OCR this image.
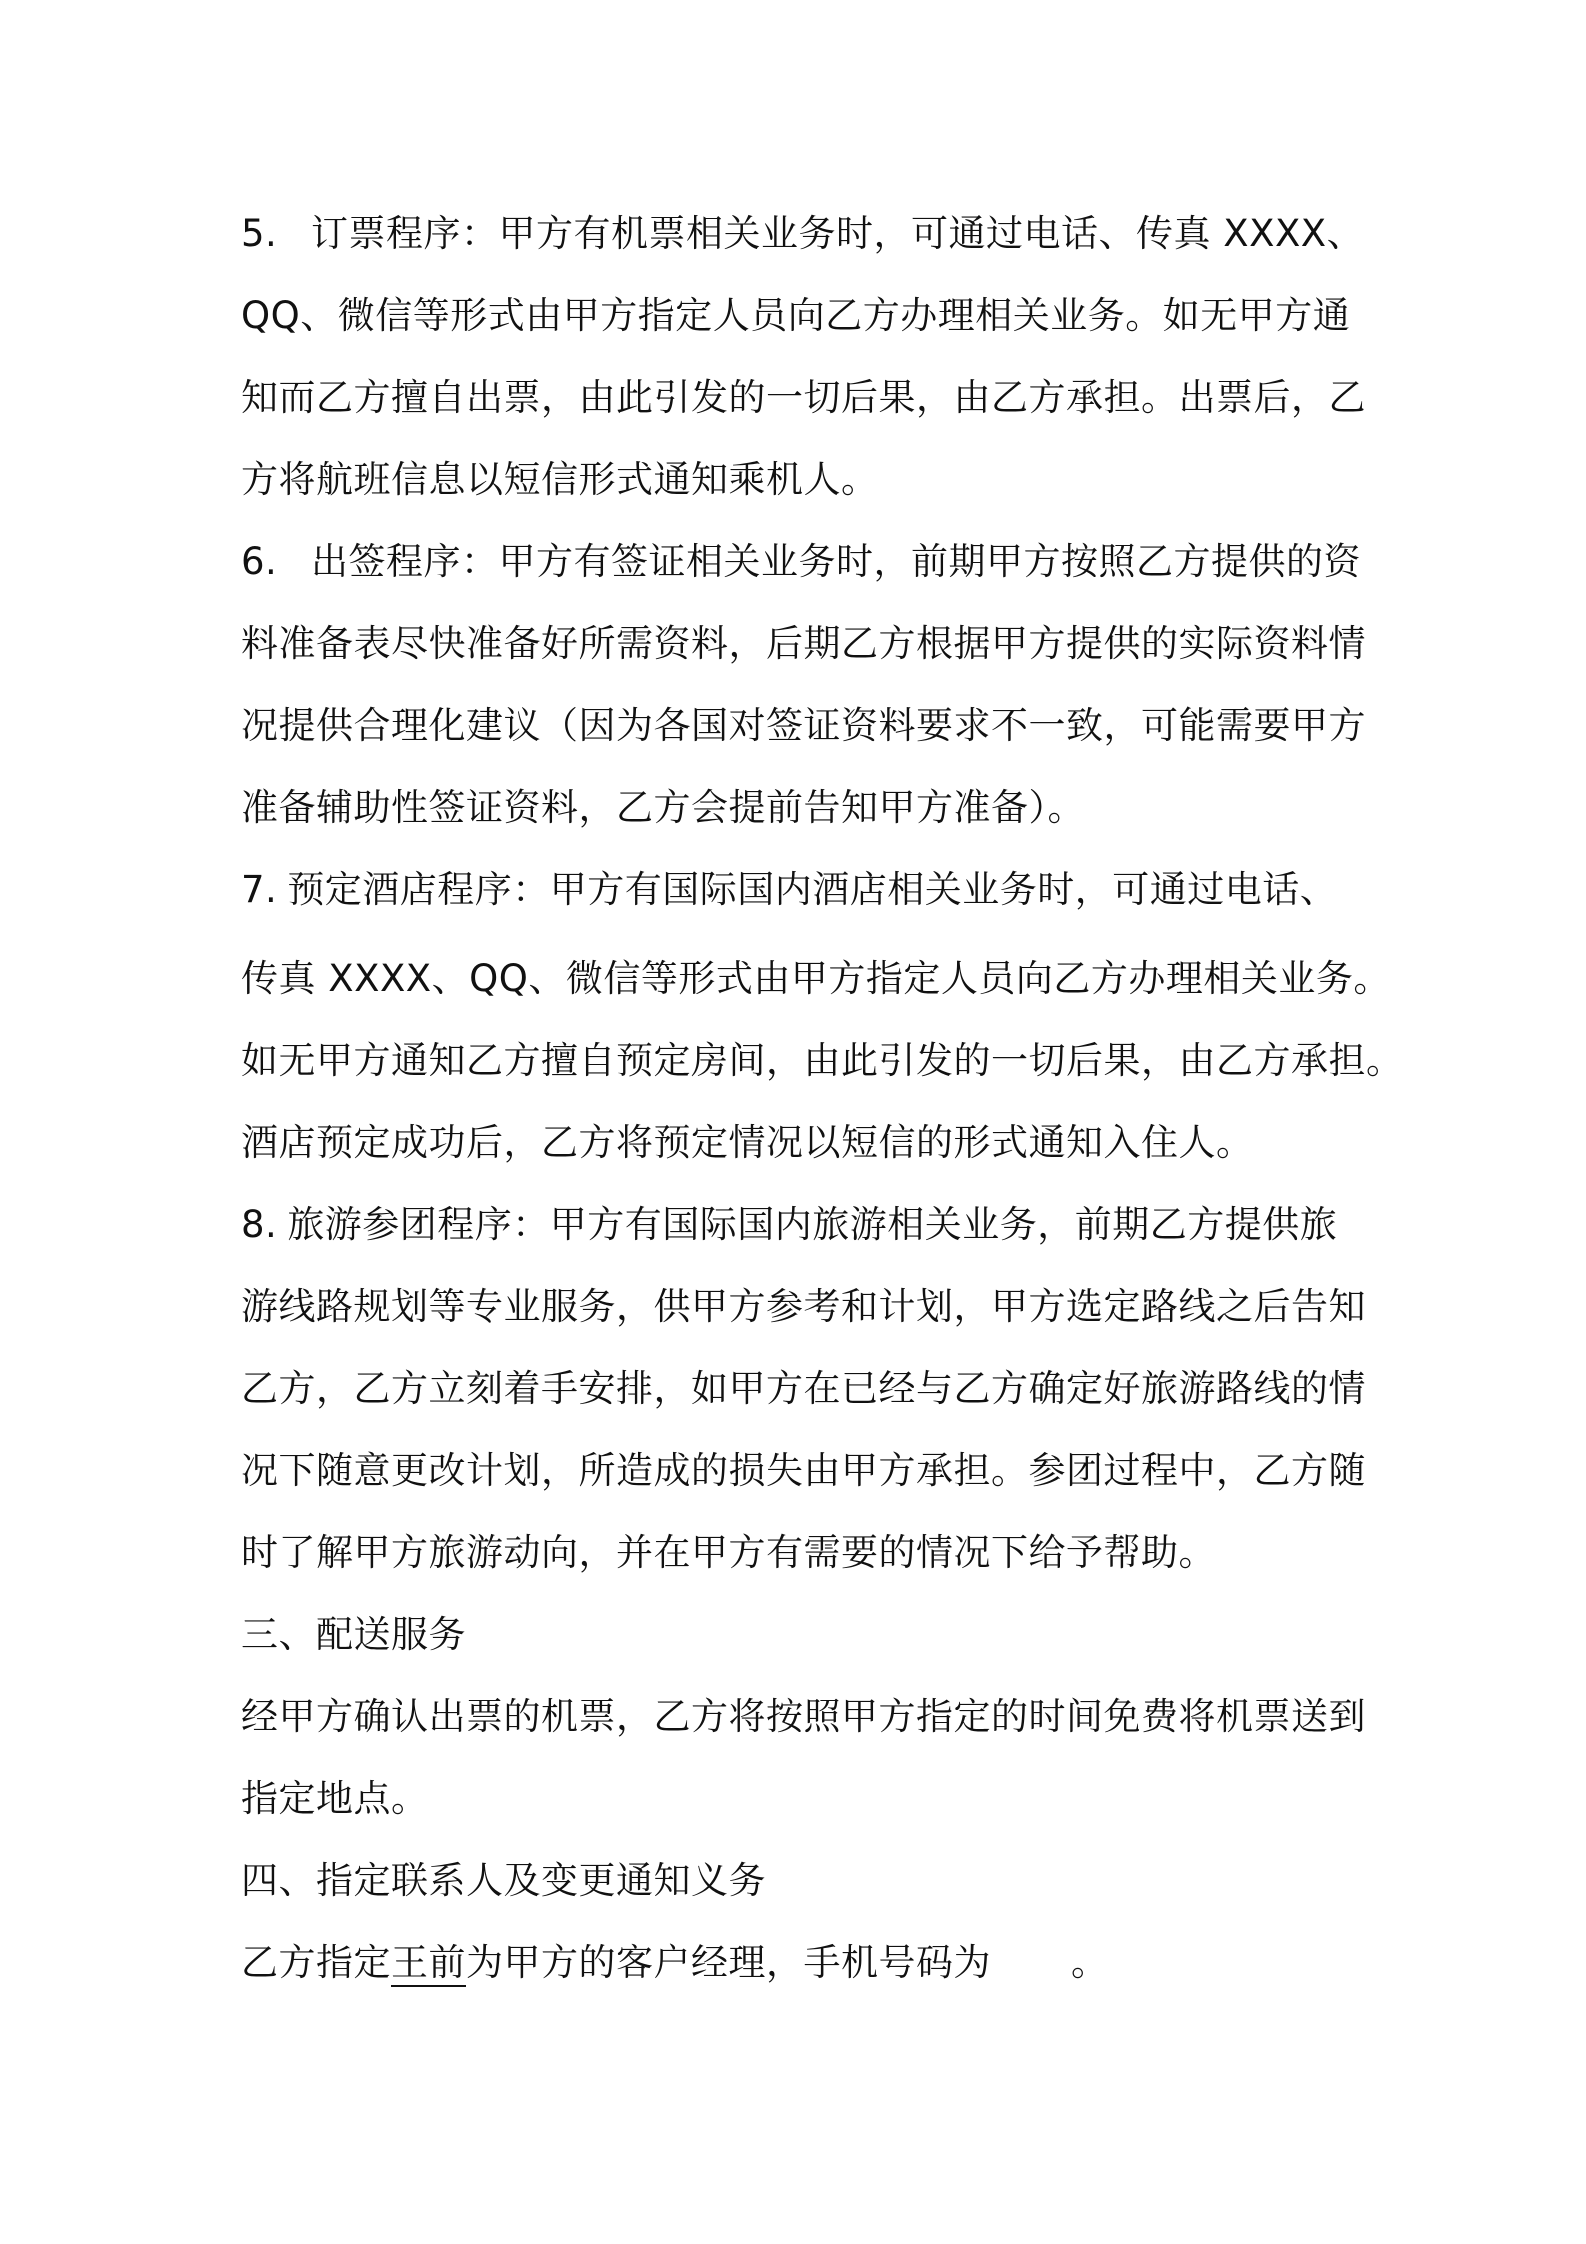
5. 订票程序：甲方有机票相关业务时，可通过电话、传真 XXXX、
QQ、微信等形式由甲方指定人员向乙方办理相关业务。如无甲方通
知而乙方擅自出票，由此引发的一切后果，由乙方承担。出票后，乙
方将航班信息以短信形式通知乘机人。
6. 出签程序：甲方有签证相关业务时，前期甲方按照乙方提供的资
料准备表尽快准备好所需资料，后期乙方根据甲方提供的实际资料情
况提供合理化建议（因为各国对签证资料要求不一致，可能需要甲方
准备辅助性签证资料，乙方会提前告知甲方准备）。
7. 预定酒店程序：甲方有国际国内酒店相关业务时，可通过电话、
传真 XXXX、QQ、微信等形式由甲方指定人员向乙方办理相关业务。
如无甲方通知乙方擅自预定房间，由此引发的一切后果，由乙方承担。
酒店预定成功后，乙方将预定情况以短信的形式通知入住人。
8. 旅游参团程序：甲方有国际国内旅游相关业务，前期乙方提供旅
游线路规划等专业服务，供甲方参考和计划，甲方选定路线之后告知
乙方，乙方立刻着手安排，如甲方在已经与乙方确定好旅游路线的情
况下随意更改计划，所造成的损失由甲方承担。参团过程中，乙方随
时了解甲方旅游动向，并在甲方有需要的情况下给予帮助。
三、配送服务
经甲方确认出票的机票，乙方将按照甲方指定的时间免费将机票送到
指定地点。
四、指定联系人及变更通知义务
乙方指定王前为甲方的客户经理，手机号码为 。
